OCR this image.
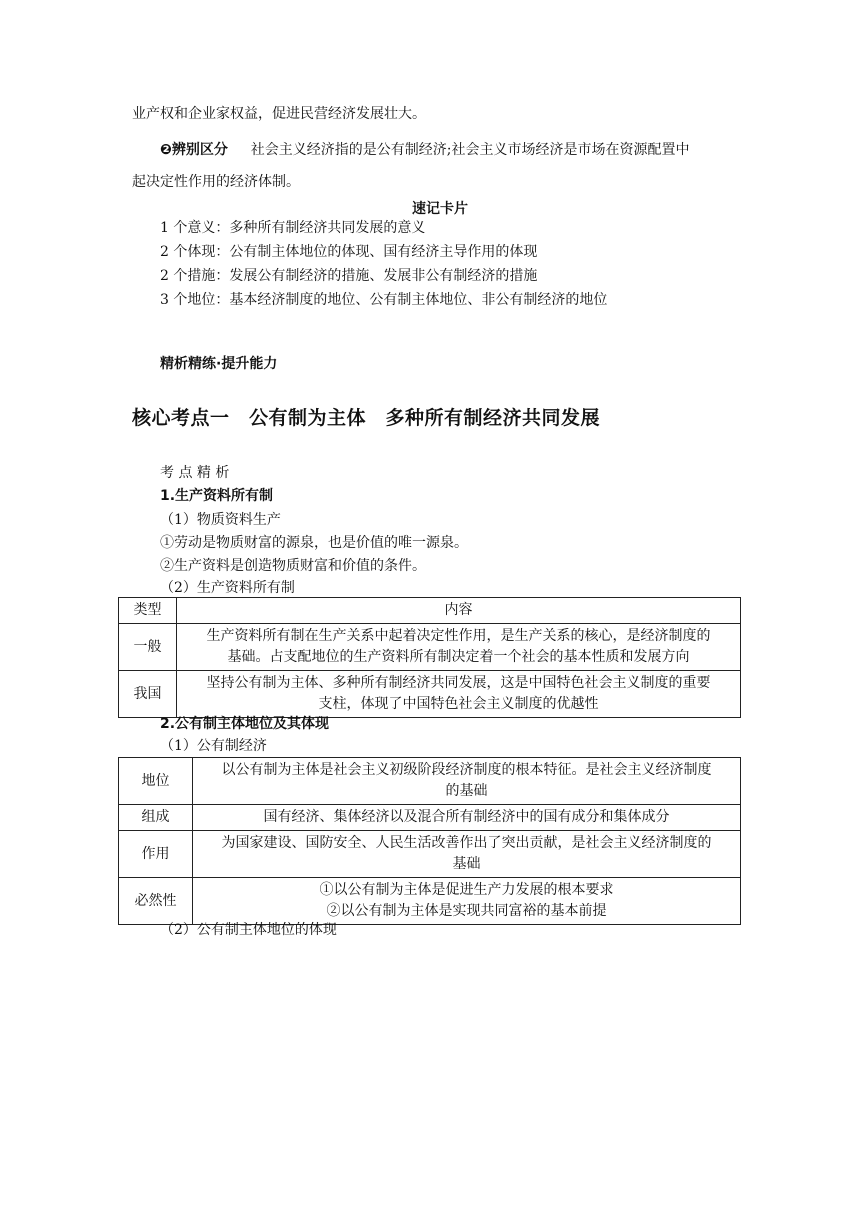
业产权和企业家权益，促进民营经济发展壮大。
❷辨别区分 社会主义经济指的是公有制经济;社会主义市场经济是市场在资源配置中
起决定性作用的经济体制。
速记卡片
1 个意义：多种所有制经济共同发展的意义
2 个体现：公有制主体地位的体现、国有经济主导作用的体现
2 个措施：发展公有制经济的措施、发展非公有制经济的措施
3 个地位：基本经济制度的地位、公有制主体地位、非公有制经济的地位
精析精练·提升能力
核心考点一　公有制为主体　多种所有制经济共同发展
考 点 精 析
1.生产资料所有制
（1）物质资料生产
①劳动是物质财富的源泉，也是价值的唯一源泉。
②生产资料是创造物质财富和价值的条件。
（2）生产资料所有制
类型	内容
一般	生产资料所有制在生产关系中起着决定性作用，是生产关系的核心，是经济制度的
基础。占支配地位的生产资料所有制决定着一个社会的基本性质和发展方向

我国	坚持公有制为主体、多种所有制经济共同发展，这是中国特色社会主义制度的重要
支柱，体现了中国特色社会主义制度的优越性
2.公有制主体地位及其体现
（1）公有制经济
地位	以公有制为主体是社会主义初级阶段经济制度的根本特征。是社会主义经济制度
的基础

组成	国有经济、集体经济以及混合所有制经济中的国有成分和集体成分

作用	为国家建设、国防安全、人民生活改善作出了突出贡献，是社会主义经济制度的
基础

必然性	①以公有制为主体是促进生产力发展的根本要求
②以公有制为主体是实现共同富裕的基本前提
（2）公有制主体地位的体现
